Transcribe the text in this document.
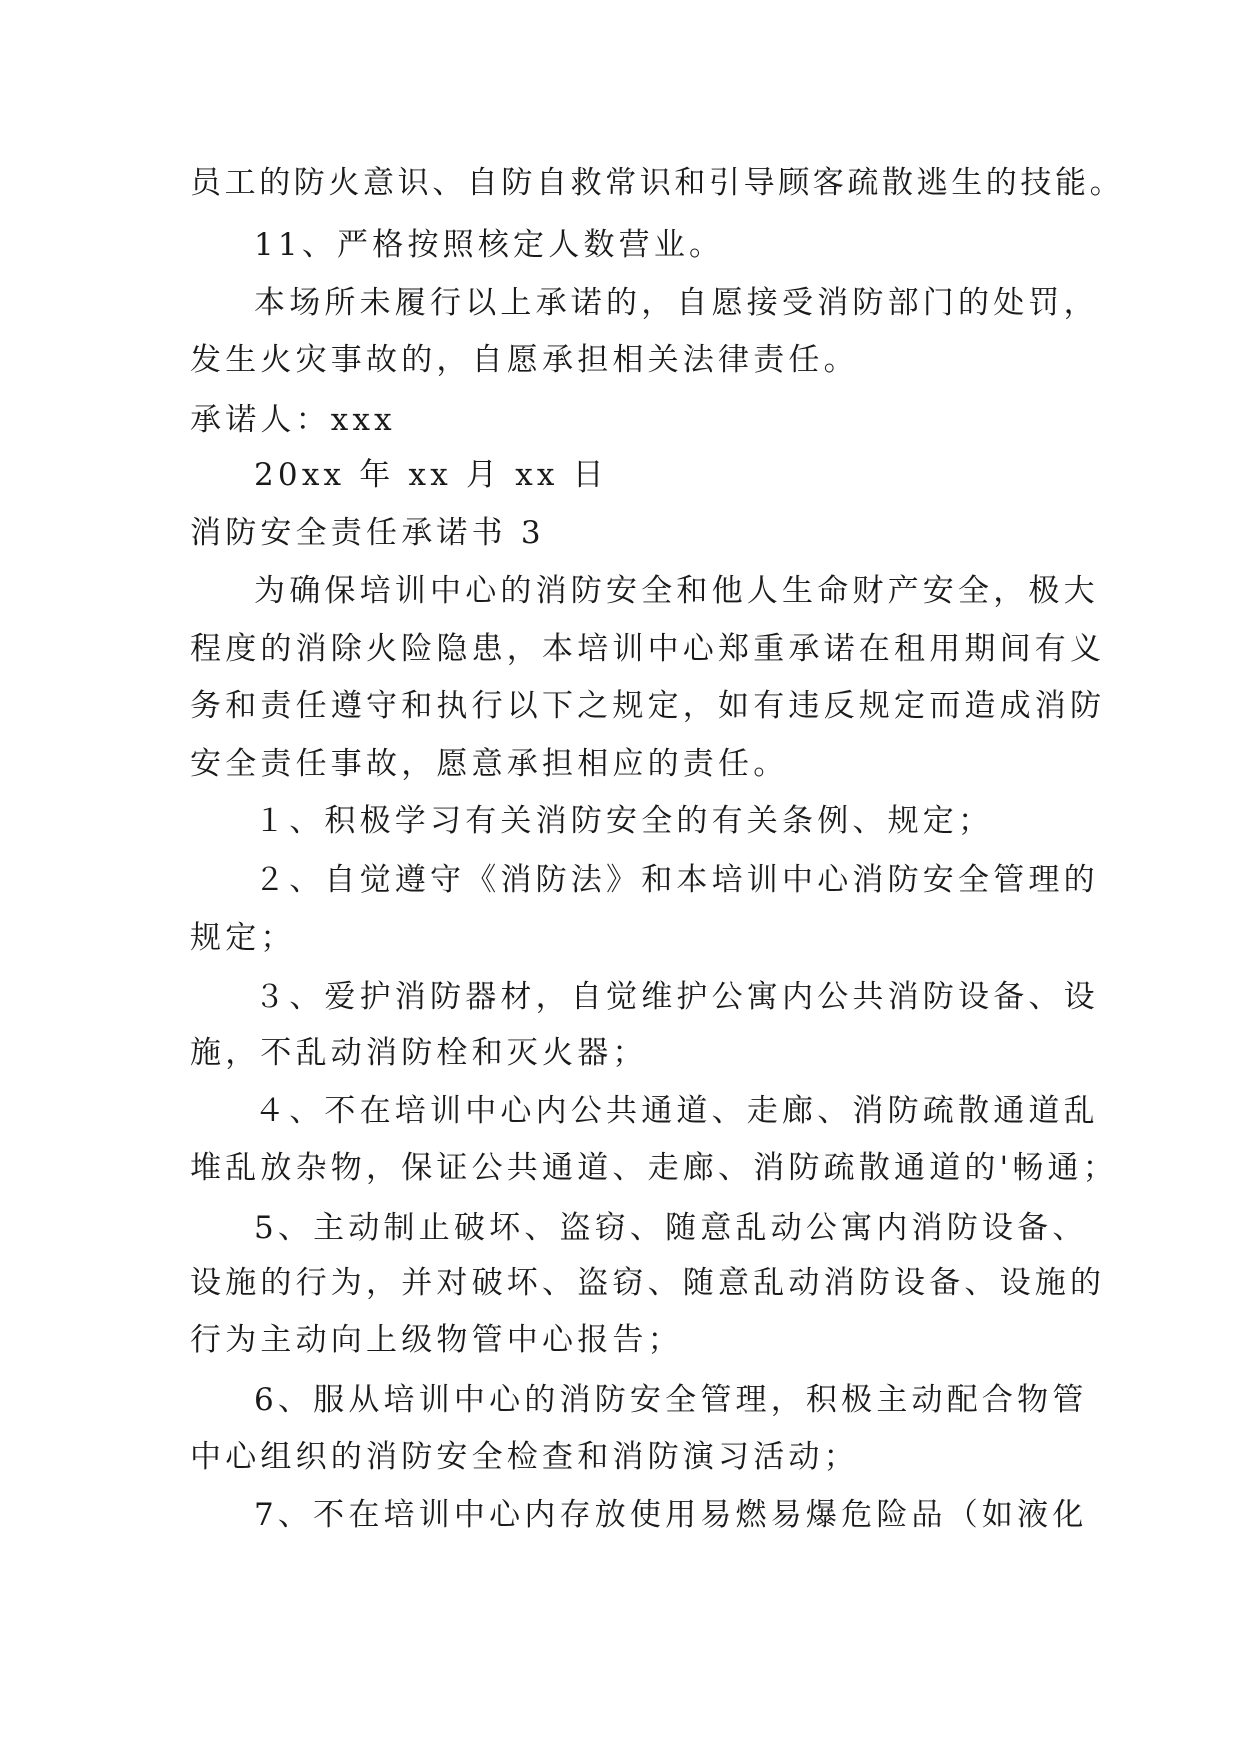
员工的防火意识、自防自救常识和引导顾客疏散逃生的技能。
11、严格按照核定人数营业。
本场所未履行以上承诺的，自愿接受消防部门的处罚，
发生火灾事故的，自愿承担相关法律责任。
承诺人：xxx
20xx 年 xx 月 xx 日
消防安全责任承诺书 3
为确保培训中心的消防安全和他人生命财产安全，极大
程度的消除火险隐患，本培训中心郑重承诺在租用期间有义
务和责任遵守和执行以下之规定，如有违反规定而造成消防
安全责任事故，愿意承担相应的责任。
１、积极学习有关消防安全的有关条例、规定；
２、自觉遵守《消防法》和本培训中心消防安全管理的
规定；
３、爱护消防器材，自觉维护公寓内公共消防设备、设
施，不乱动消防栓和灭火器；
４、不在培训中心内公共通道、走廊、消防疏散通道乱
堆乱放杂物，保证公共通道、走廊、消防疏散通道的'畅通；
5、主动制止破坏、盗窃、随意乱动公寓内消防设备、
设施的行为，并对破坏、盗窃、随意乱动消防设备、设施的
行为主动向上级物管中心报告；
6、服从培训中心的消防安全管理，积极主动配合物管
中心组织的消防安全检查和消防演习活动；
7、不在培训中心内存放使用易燃易爆危险品（如液化
